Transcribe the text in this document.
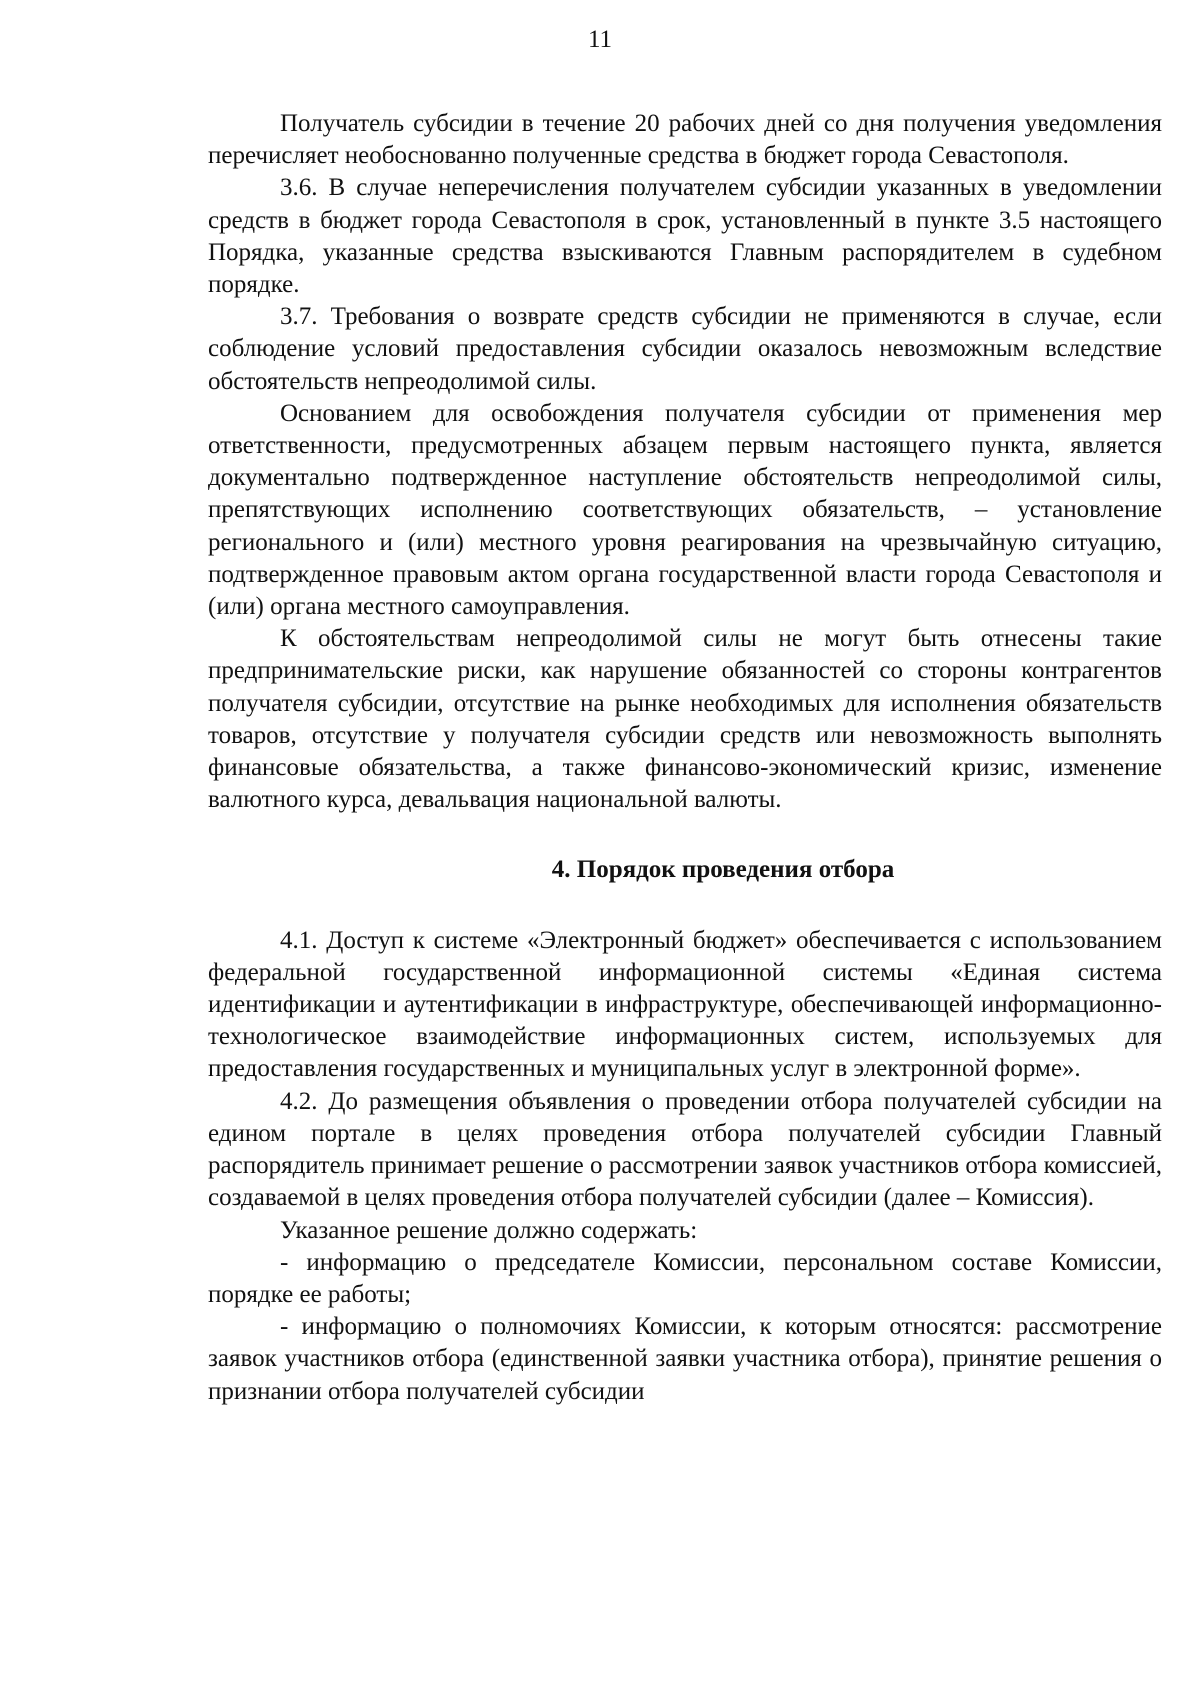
11

Получатель субсидии в течение 20 рабочих дней со дня получения уведомления перечисляет необоснованно полученные средства в бюджет города Севастополя.

3.6. В случае неперечисления получателем субсидии указанных в уведомлении средств в бюджет города Севастополя в срок, установленный в пункте 3.5 настоящего Порядка, указанные средства взыскиваются Главным распорядителем в судебном порядке.

3.7. Требования о возврате средств субсидии не применяются в случае, если соблюдение условий предоставления субсидии оказалось невозможным вследствие обстоятельств непреодолимой силы.

Основанием для освобождения получателя субсидии от применения мер ответственности, предусмотренных абзацем первым настоящего пункта, является документально подтвержденное наступление обстоятельств непреодолимой силы, препятствующих исполнению соответствующих обязательств, – установление регионального и (или) местного уровня реагирования на чрезвычайную ситуацию, подтвержденное правовым актом органа государственной власти города Севастополя и (или) органа местного самоуправления.

К обстоятельствам непреодолимой силы не могут быть отнесены такие предпринимательские риски, как нарушение обязанностей со стороны контрагентов получателя субсидии, отсутствие на рынке необходимых для исполнения обязательств товаров, отсутствие у получателя субсидии средств или невозможность выполнять финансовые обязательства, а также финансово-экономический кризис, изменение валютного курса, девальвация национальной валюты.

4. Порядок проведения отбора

4.1. Доступ к системе «Электронный бюджет» обеспечивается с использованием федеральной государственной информационной системы «Единая система идентификации и аутентификации в инфраструктуре, обеспечивающей информационно-технологическое взаимодействие информационных систем, используемых для предоставления государственных и муниципальных услуг в электронной форме».

4.2. До размещения объявления о проведении отбора получателей субсидии на едином портале в целях проведения отбора получателей субсидии Главный распорядитель принимает решение о рассмотрении заявок участников отбора комиссией, создаваемой в целях проведения отбора получателей субсидии (далее – Комиссия).

Указанное решение должно содержать:

- информацию о председателе Комиссии, персональном составе Комиссии, порядке ее работы;

- информацию о полномочиях Комиссии, к которым относятся: рассмотрение заявок участников отбора (единственной заявки участника отбора), принятие решения о признании отбора получателей субсидии
